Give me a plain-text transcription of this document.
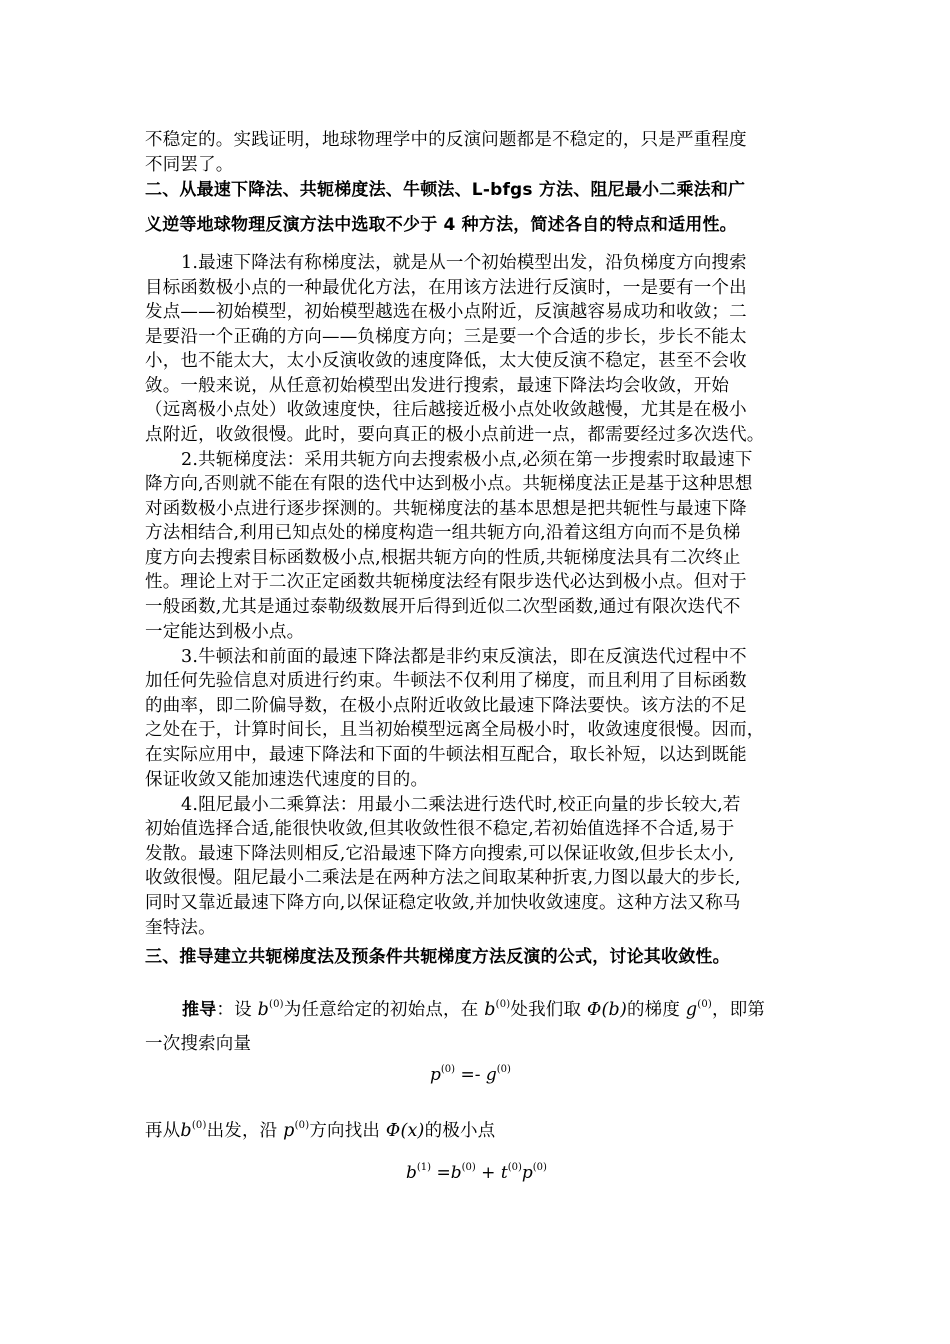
不稳定的。实践证明，地球物理学中的反演问题都是不稳定的，只是严重程度
不同罢了。
二、从最速下降法、共轭梯度法、牛顿法、L-bfgs 方法、阻尼最小二乘法和广
义逆等地球物理反演方法中选取不少于 4 种方法，简述各自的特点和适用性。
1.最速下降法有称梯度法，就是从一个初始模型出发，沿负梯度方向搜索
目标函数极小点的一种最优化方法，在用该方法进行反演时，一是要有一个出
发点——初始模型，初始模型越选在极小点附近，反演越容易成功和收敛；二
是要沿一个正确的方向——负梯度方向；三是要一个合适的步长，步长不能太
小，也不能太大，太小反演收敛的速度降低，太大使反演不稳定，甚至不会收
敛。一般来说，从任意初始模型出发进行搜索，最速下降法均会收敛，开始
（远离极小点处）收敛速度快，往后越接近极小点处收敛越慢，尤其是在极小
点附近，收敛很慢。此时，要向真正的极小点前进一点，都需要经过多次迭代。
2.共轭梯度法：采用共轭方向去搜索极小点,必须在第一步搜索时取最速下
降方向,否则就不能在有限的迭代中达到极小点。共轭梯度法正是基于这种思想
对函数极小点进行逐步探测的。共轭梯度法的基本思想是把共轭性与最速下降
方法相结合,利用已知点处的梯度构造一组共轭方向,沿着这组方向而不是负梯
度方向去搜索目标函数极小点,根据共轭方向的性质,共轭梯度法具有二次终止
性。理论上对于二次正定函数共轭梯度法经有限步迭代必达到极小点。但对于
一般函数,尤其是通过泰勒级数展开后得到近似二次型函数,通过有限次迭代不
一定能达到极小点。
3.牛顿法和前面的最速下降法都是非约束反演法，即在反演迭代过程中不
加任何先验信息对质进行约束。牛顿法不仅利用了梯度，而且利用了目标函数
的曲率，即二阶偏导数，在极小点附近收敛比最速下降法要快。该方法的不足
之处在于，计算时间长，且当初始模型远离全局极小时，收敛速度很慢。因而，
在实际应用中，最速下降法和下面的牛顿法相互配合，取长补短，以达到既能
保证收敛又能加速迭代速度的目的。
4.阻尼最小二乘算法：用最小二乘法进行迭代时,校正向量的步长较大,若
初始值选择合适,能很快收敛,但其收敛性很不稳定,若初始值选择不合适,易于
发散。最速下降法则相反,它沿最速下降方向搜索,可以保证收敛,但步长太小,
收敛很慢。阻尼最小二乘法是在两种方法之间取某种折衷,力图以最大的步长,
同时又靠近最速下降方向,以保证稳定收敛,并加快收敛速度。这种方法又称马
奎特法。
三、推导建立共轭梯度法及预条件共轭梯度方法反演的公式，讨论其收敛性。
推导：设 $b^{(0)}$为任意给定的初始点，在 $b^{(0)}$处我们取 Φ(b)的梯度 $g^{(0)}$，即第
一次搜索向量
$p^{(0)} =- g^{(0)}$
再从$b^{(0)}$出发，沿 $p^{(0)}$方向找出 Φ(x)的极小点
$b^{(1)} =b^{(0)} + t^{(0)}p^{(0)}$
